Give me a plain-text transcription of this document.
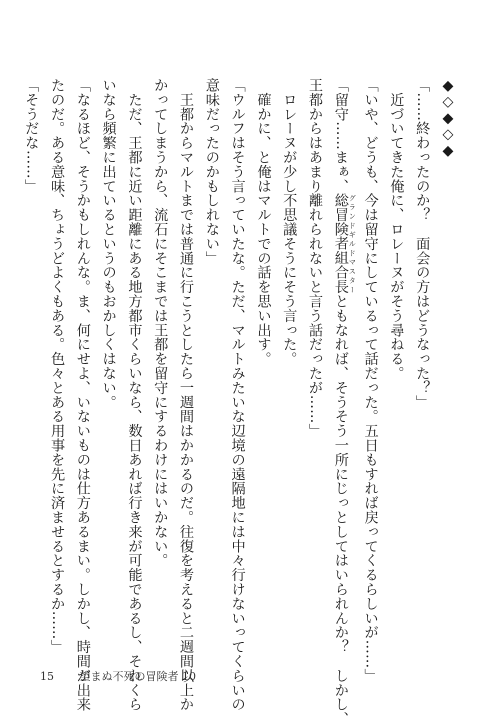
◆◇◆◇◆

「……終わったのか？　面会の方はどうなった？」

　近づいてきた俺に、ロレーヌがそう尋ねる。

「いや、どうも、今は留守にしているって話だった。五日もすれば戻ってくるらしいが……」

「留守……まぁ、総冒険者組合長 グランドギルドマスターともなれば、そうそう一所にじっとしてはいられんか？　しかし、

王都からはあまり離れられないと言う話だったが……」

　ロレーヌが少し不思議そうにそう言った。

　確かに、と俺はマルトでの話を思い出す。

「ウルフはそう言っていたな。ただ、マルトみたいな辺境の遠隔地には中々行けないってくらいの

意味だったのかもしれない」

　王都からマルトまでは普通に行こうとしたら一週間はかかるのだ。往復を考えると二週間以上か

かってしまうから、流石にそこまでは王都を留守にするわけにはいかない。

　ただ、王都に近い距離にある地方都市くらいなら、数日あれば行き来が可能であるし、それくら

いなら頻繁に出ているというのもおかしくはない。

「なるほど、そうかもしれんな。ま、何にせよ、いないものは仕方あるまい。しかし、時間が出来

たのだ。ある意味、ちょうどよくもある。色々とある用事を先に済ませるとするか……」

「そうだな……」

15 望まぬ不死の冒険者 10
